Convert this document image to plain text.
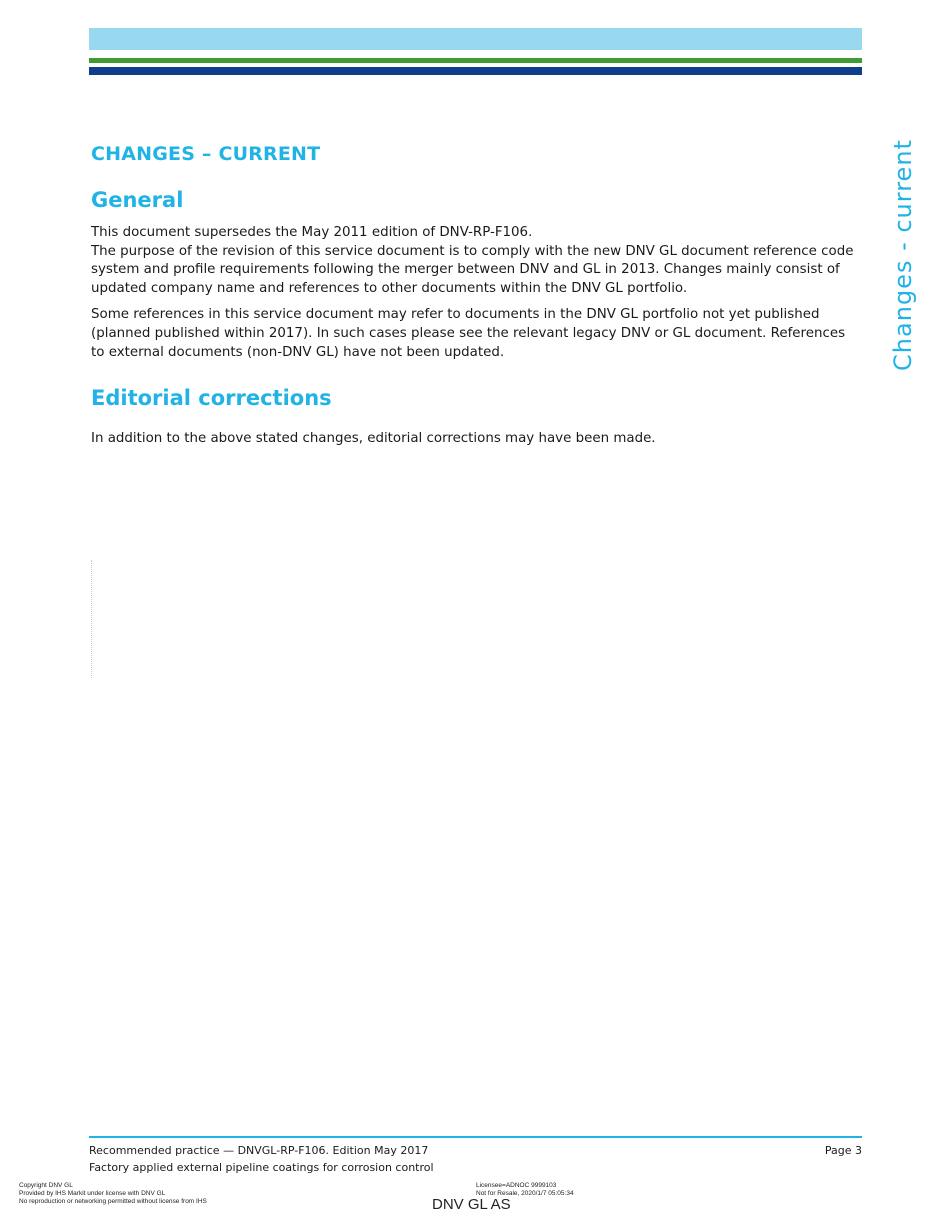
CHANGES – CURRENT
General

This document supersedes the May 2011 edition of DNV-RP-F106.
The purpose of the revision of this service document is to comply with the new DNV GL document reference code system and profile requirements following the merger between DNV and GL in 2013. Changes mainly consist of updated company name and references to other documents within the DNV GL portfolio.

Some references in this service document may refer to documents in the DNV GL portfolio not yet published (planned published within 2017). In such cases please see the relevant legacy DNV or GL document. References to external documents (non-DNV GL) have not been updated.

Editorial corrections

In addition to the above stated changes, editorial corrections may have been made.

Changes - current
Recommended practice — DNVGL-RP-F106. Edition May 2017
Factory applied external pipeline coatings for corrosion control
Page 3
Copyright DNV GL
Provided by IHS Markit under license with DNV GL
No reproduction or networking permitted without license from IHS
Licensee=ADNOC 9999103
Not for Resale, 2020/1/7 05:05:34
DNV GL AS
